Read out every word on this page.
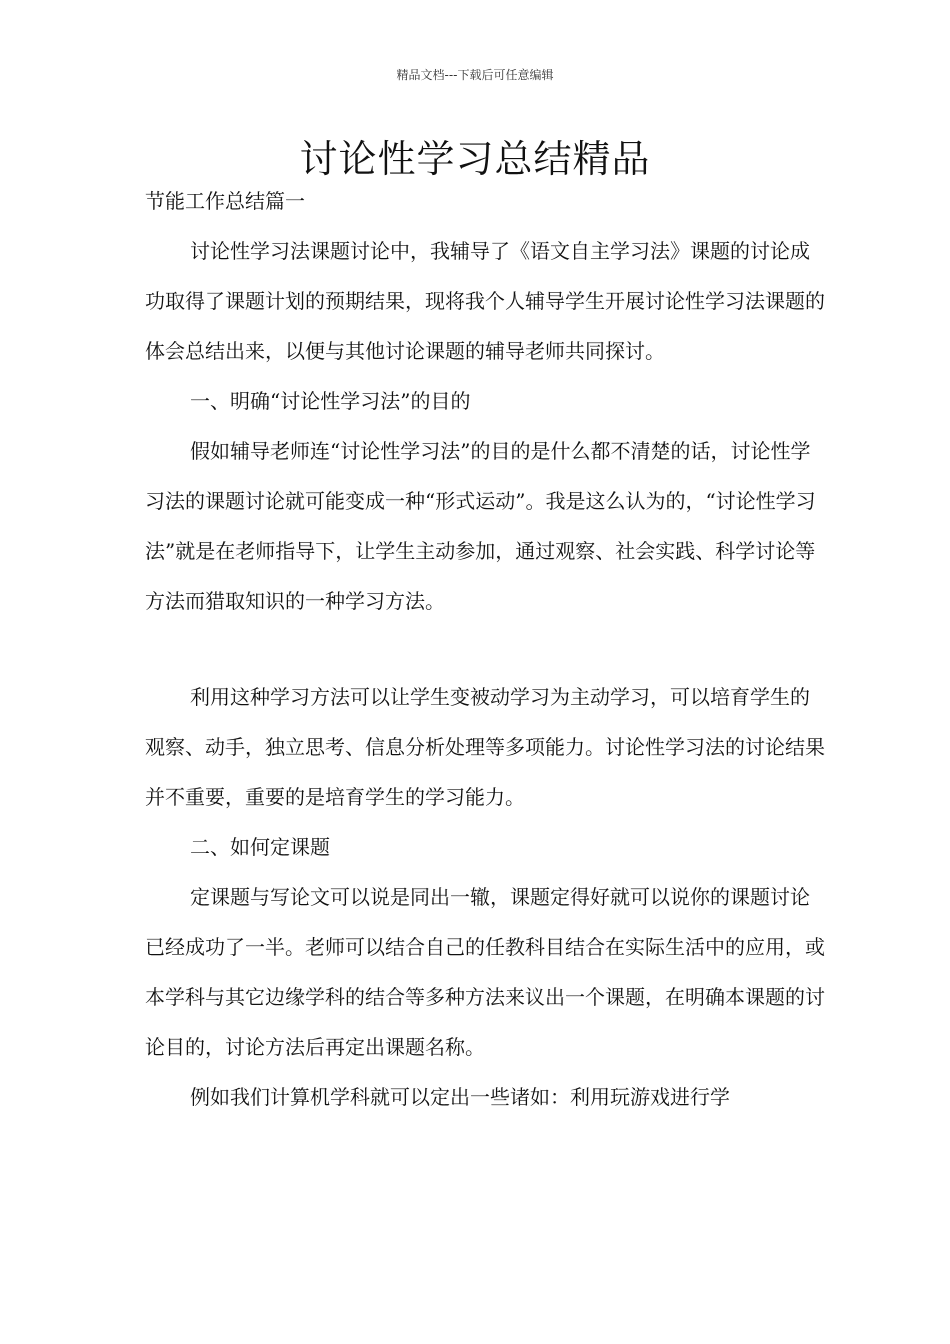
精品文档---下载后可任意编辑
讨论性学习总结精品
节能工作总结篇一

讨论性学习法课题讨论中，我辅导了《语文自主学习法》课题的讨论成功取得了课题计划的预期结果，现将我个人辅导学生开展讨论性学习法课题的体会总结出来，以便与其他讨论课题的辅导老师共同探讨。

一、明确“讨论性学习法”的目的

假如辅导老师连“讨论性学习法”的目的是什么都不清楚的话，讨论性学习法的课题讨论就可能变成一种“形式运动”。我是这么认为的，“讨论性学习法”就是在老师指导下，让学生主动参加，通过观察、社会实践、科学讨论等方法而猎取知识的一种学习方法。

利用这种学习方法可以让学生变被动学习为主动学习，可以培育学生的观察、动手，独立思考、信息分析处理等多项能力。讨论性学习法的讨论结果并不重要，重要的是培育学生的学习能力。

二、如何定课题

定课题与写论文可以说是同出一辙，课题定得好就可以说你的课题讨论已经成功了一半。老师可以结合自己的任教科目结合在实际生活中的应用，或本学科与其它边缘学科的结合等多种方法来议出一个课题，在明确本课题的讨论目的，讨论方法后再定出课题名称。

例如我们计算机学科就可以定出一些诸如：利用玩游戏进行学
